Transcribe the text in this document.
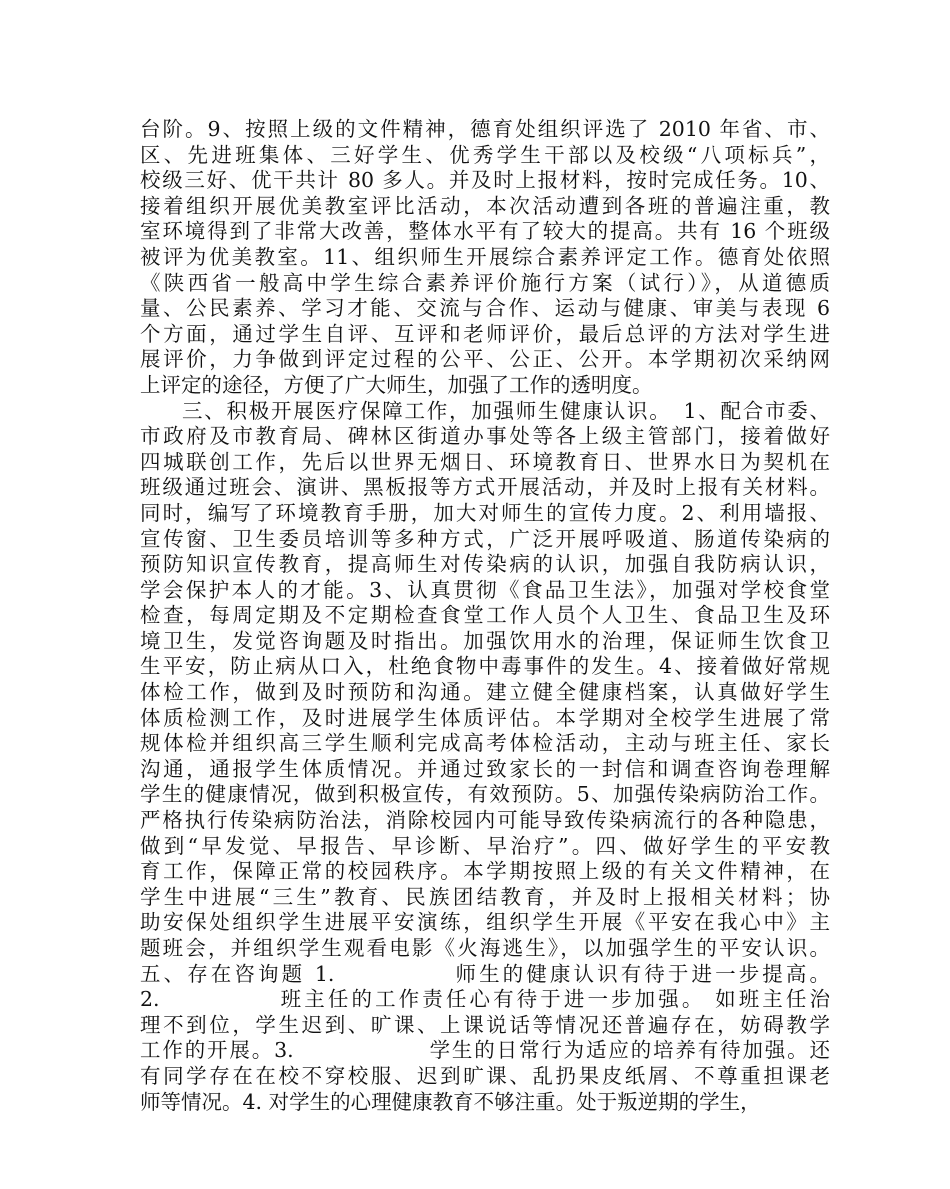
台阶。9、按照上级的文件精神，德育处组织评选了 2010 年省、市、
区、先进班集体、三好学生、优秀学生干部以及校级“八项标兵”，
校级三好、优干共计 80 多人。并及时上报材料，按时完成任务。10、
接着组织开展优美教室评比活动，本次活动遭到各班的普遍注重，教
室环境得到了非常大改善，整体水平有了较大的提高。共有 16 个班级
被评为优美教室。11、组织师生开展综合素养评定工作。德育处依照
《陕西省一般高中学生综合素养评价施行方案（试行）》，从道德质
量、公民素养、学习才能、交流与合作、运动与健康、审美与表现 6
个方面，通过学生自评、互评和老师评价，最后总评的方法对学生进
展评价，力争做到评定过程的公平、公正、公开。本学期初次采纳网
上评定的途径，方便了广大师生，加强了工作的透明度。
三、积极开展医疗保障工作，加强师生健康认识。　1、配合市委、
市政府及市教育局、碑林区街道办事处等各上级主管部门，接着做好
四城联创工作，先后以世界无烟日、环境教育日、世界水日为契机在
班级通过班会、演讲、黑板报等方式开展活动，并及时上报有关材料。
同时，编写了环境教育手册，加大对师生的宣传力度。2、利用墙报、
宣传窗、卫生委员培训等多种方式，广泛开展呼吸道、肠道传染病的
预防知识宣传教育，提高师生对传染病的认识，加强自我防病认识，
学会保护本人的才能。3、认真贯彻《食品卫生法》，加强对学校食堂
检查，每周定期及不定期检查食堂工作人员个人卫生、食品卫生及环
境卫生，发觉咨询题及时指出。加强饮用水的治理，保证师生饮食卫
生平安，防止病从口入，杜绝食物中毒事件的发生。4、接着做好常规
体检工作，做到及时预防和沟通。建立健全健康档案，认真做好学生
体质检测工作，及时进展学生体质评估。本学期对全校学生进展了常
规体检并组织高三学生顺利完成高考体检活动，主动与班主任、家长
沟通，通报学生体质情况。并通过致家长的一封信和调查咨询卷理解
学生的健康情况，做到积极宣传，有效预防。5、加强传染病防治工作。
严格执行传染病防治法，消除校园内可能导致传染病流行的各种隐患，
做到“早发觉、早报告、早诊断、早治疗”。四、做好学生的平安教
育工作，保障正常的校园秩序。本学期按照上级的有关文件精神，在
学生中进展“三生”教育、民族团结教育，并及时上报相关材料；协
助安保处组织学生进展平安演练，组织学生开展《平安在我心中》主
题班会，并组织学生观看电影《火海逃生》，以加强学生的平安认识。
五、存在咨询题 1.　　　　　师生的健康认识有待于进一步提高。
2.　　　　　班主任的工作责任心有待于进一步加强。 如班主任治
理不到位，学生迟到、旷课、上课说话等情况还普遍存在，妨碍教学
工作的开展。3.　　　　　　学生的日常行为适应的培养有待加强。还
有同学存在在校不穿校服、迟到旷课、乱扔果皮纸屑、不尊重担课老
师等情况。4. 对学生的心理健康教育不够注重。处于叛逆期的学生，
